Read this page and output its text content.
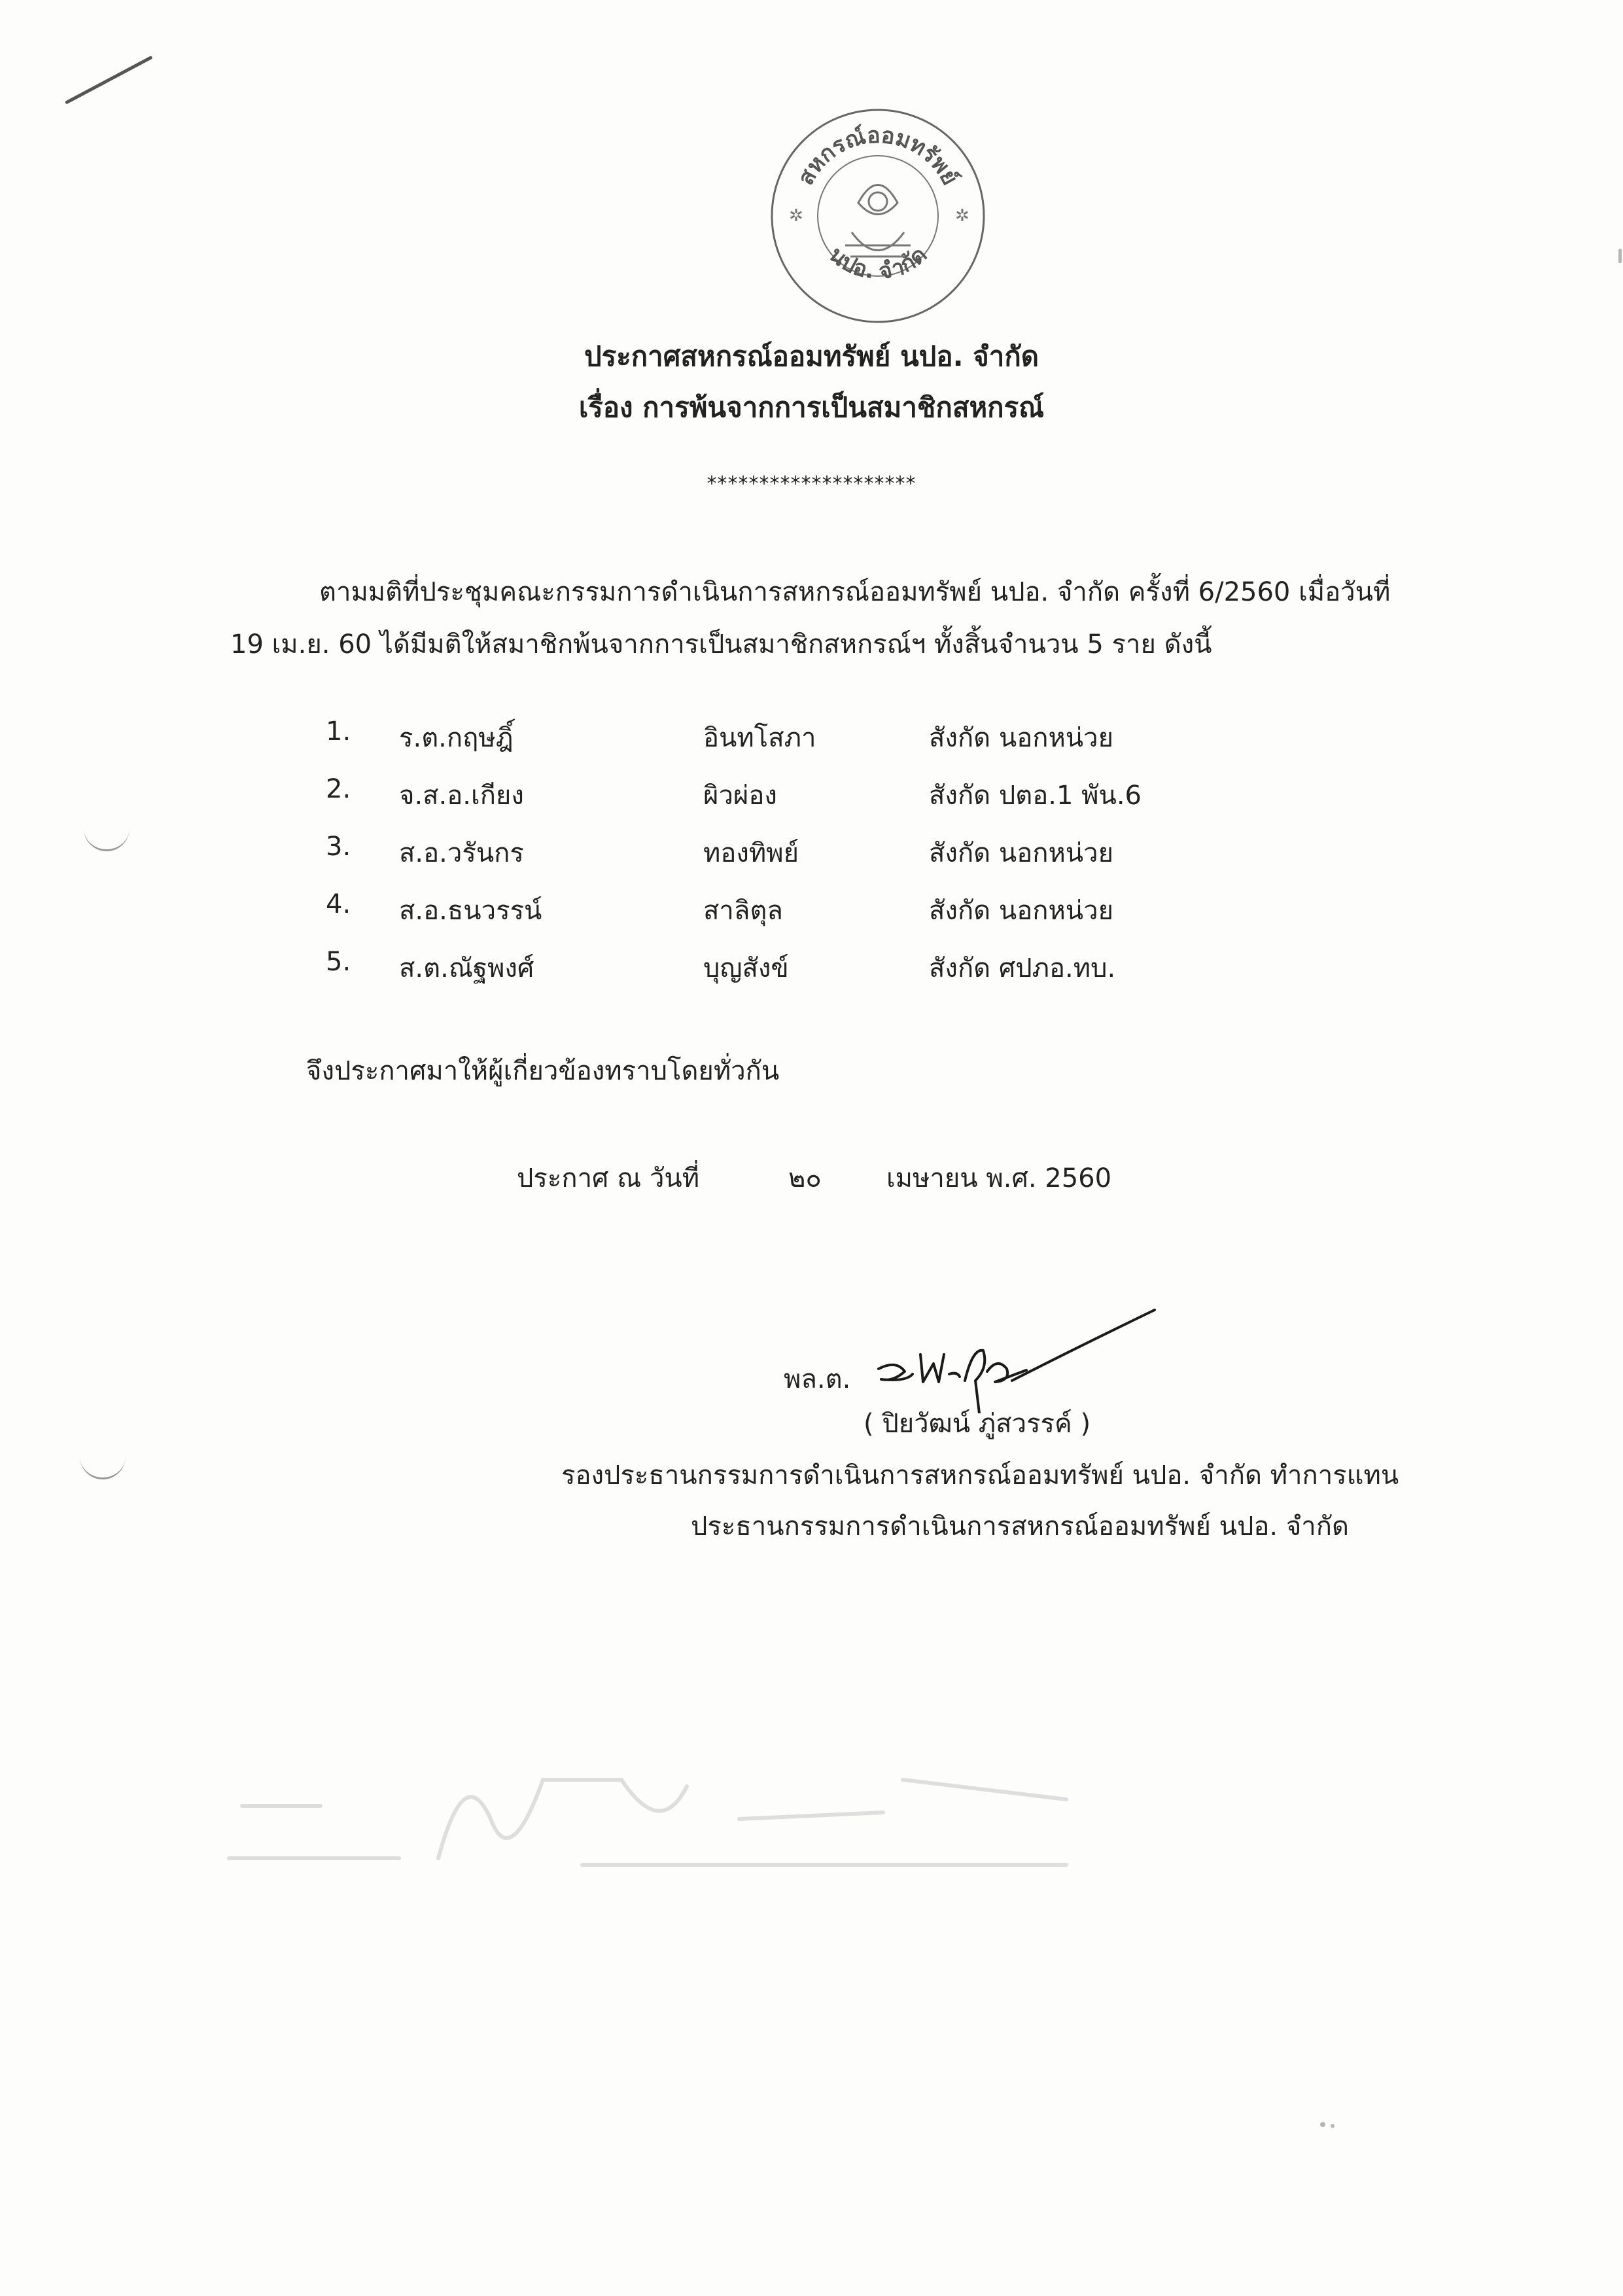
สหกรณ์ออมทรัพย์
นปอ. จำกัด
✲	✲
ประกาศสหกรณ์ออมทรัพย์ นปอ. จำกัด
เรื่อง การพ้นจากการเป็นสมาชิกสหกรณ์
********************
ตามมติที่ประชุมคณะกรรมการดำเนินการสหกรณ์ออมทรัพย์ นปอ. จำกัด ครั้งที่ 6/2560 เมื่อวันที่
19 เม.ย. 60 ได้มีมติให้สมาชิกพ้นจากการเป็นสมาชิกสหกรณ์ฯ ทั้งสิ้นจำนวน 5 ราย ดังนี้
1. ร.ต.กฤษฎิ์	อินทโสภา	สังกัด นอกหน่วย
2. จ.ส.อ.เกียง	ผิวผ่อง	สังกัด ปตอ.1 พัน.6
3. ส.อ.วรันกร	ทองทิพย์	สังกัด นอกหน่วย
4. ส.อ.ธนวรรน์	สาลิตุล	สังกัด นอกหน่วย
5. ส.ต.ณัฐพงศ์	บุญสังข์	สังกัด ศปภอ.ทบ.
จึงประกาศมาให้ผู้เกี่ยวข้องทราบโดยทั่วกัน
ประกาศ ณ วันที่	๒๐ เมษายน พ.ศ. 2560
พล.ต.
( ปิยวัฒน์ ภู่สวรรค์ )
รองประธานกรรมการดำเนินการสหกรณ์ออมทรัพย์ นปอ. จำกัด ทำการแทน
ประธานกรรมการดำเนินการสหกรณ์ออมทรัพย์ นปอ. จำกัด
